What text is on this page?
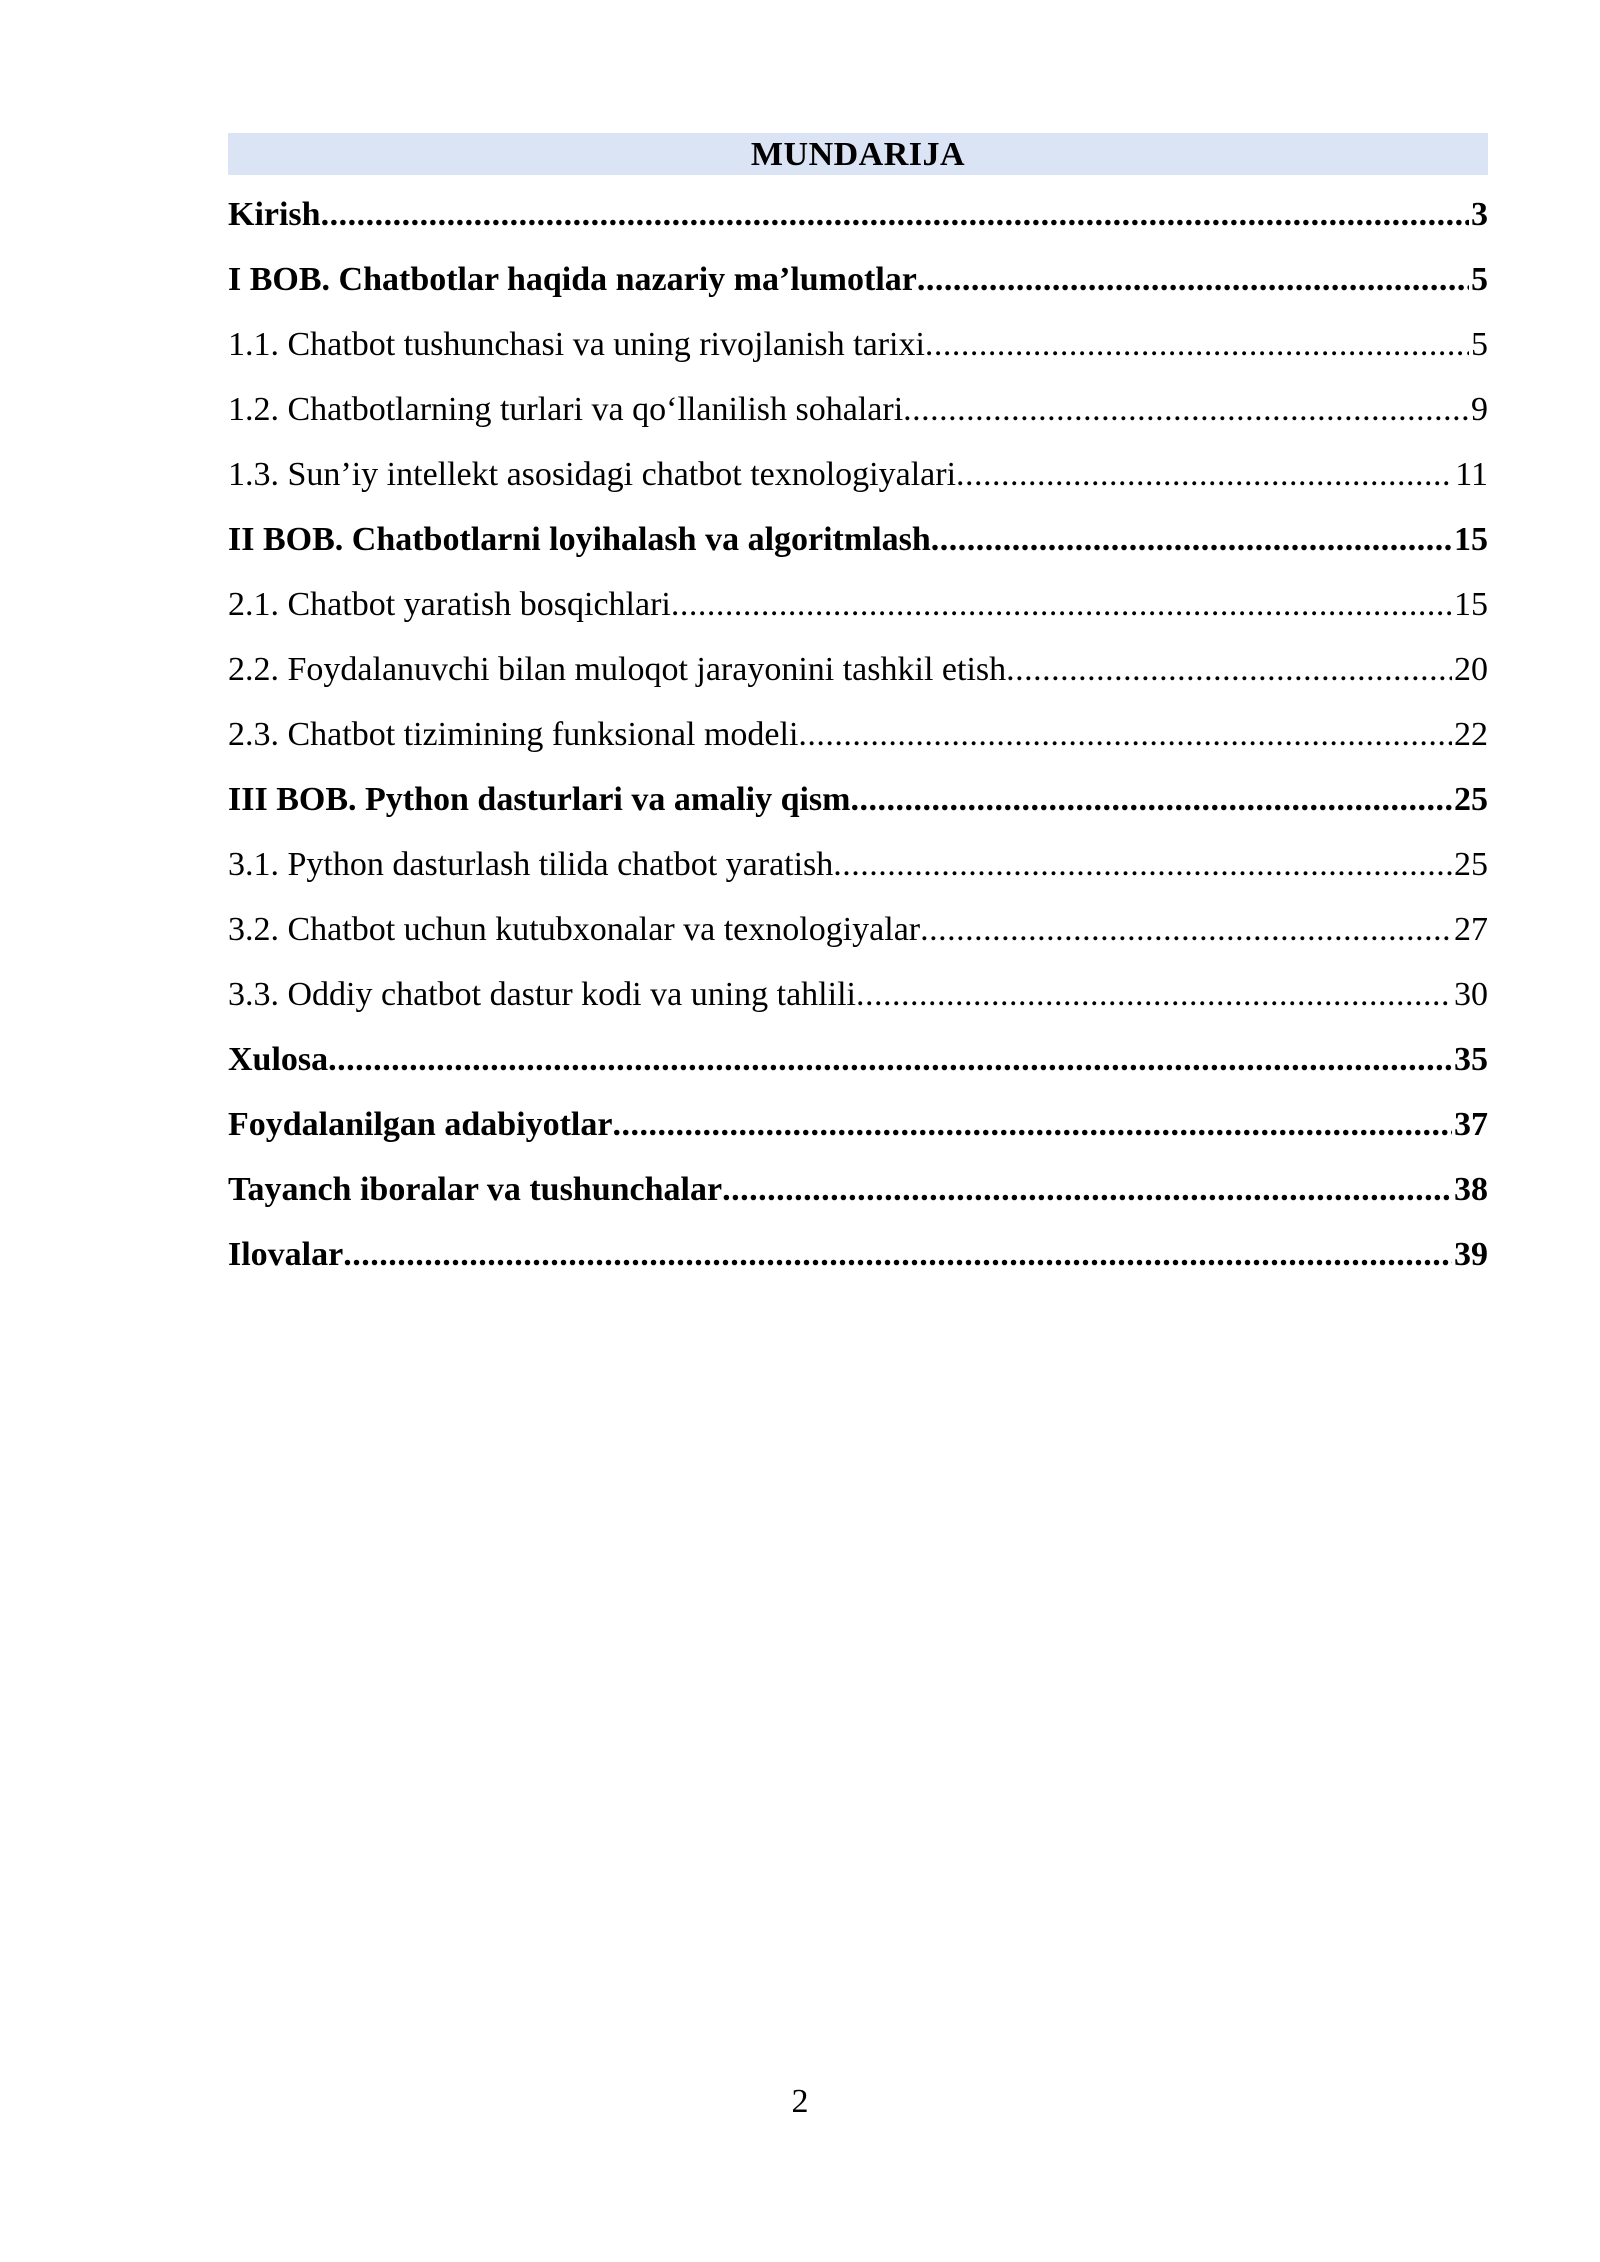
MUNDARIJA
Kirish .....	3
I BOB. Chatbotlar haqida nazariy ma’lumotlar .....	5
1.1. Chatbot tushunchasi va uning rivojlanish tarixi .....	5
1.2. Chatbotlarning turlari va qo‘llanilish sohalari .....	9
1.3. Sun’iy intellekt asosidagi chatbot texnologiyalari .....	11
II BOB. Chatbotlarni loyihalash va algoritmlash .....	15
2.1. Chatbot yaratish bosqichlari .....	15
2.2. Foydalanuvchi bilan muloqot jarayonini tashkil etish .....	20
2.3. Chatbot tizimining funksional modeli .....	22
III BOB. Python dasturlari va amaliy qism .....	25
3.1. Python dasturlash tilida chatbot yaratish .....	25
3.2. Chatbot uchun kutubxonalar va texnologiyalar .....	27
3.3. Oddiy chatbot dastur kodi va uning tahlili .....	30
Xulosa .....	35
Foydalanilgan adabiyotlar .....	37
Tayanch iboralar va tushunchalar .....	38
Ilovalar .....	39
2
